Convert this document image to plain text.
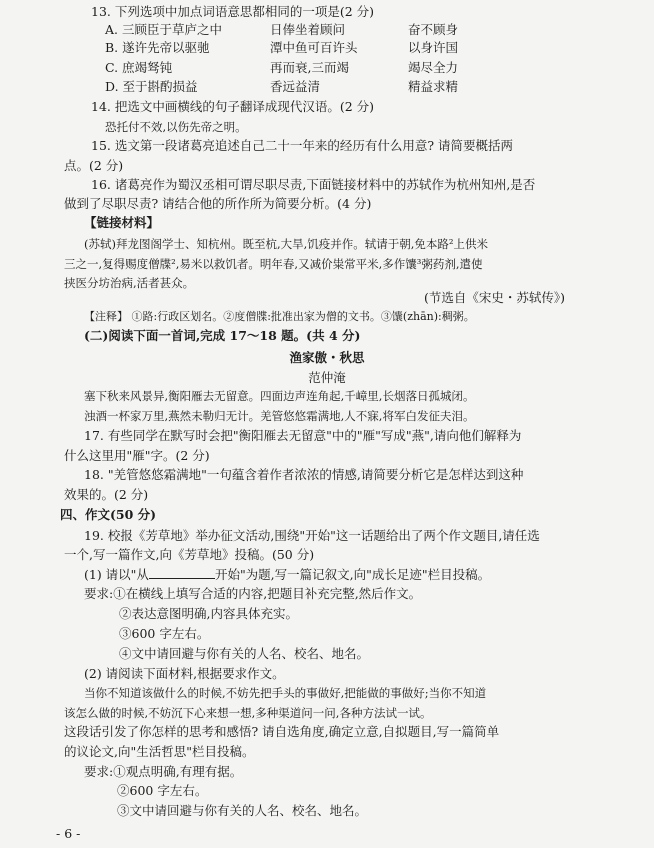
13. 下列选项中加点词语意思都相同的一项是(2 分)
A. 三顾臣于草庐之中	日俸坐着顾问	奋不顾身
B. 遂许先帝以驱驰	潭中鱼可百许头	以身许国
C. 庶竭驽钝	再而衰,三而竭	竭尽全力
D. 至于斟酌损益	香远益清	精益求精
14. 把选文中画横线的句子翻译成现代汉语。(2 分)
恐托付不效,以伤先帝之明。
15. 选文第一段诸葛亮追述自己二十一年来的经历有什么用意? 请简要概括两
点。(2 分)
16. 诸葛亮作为蜀汉丞相可谓尽职尽责,下面链接材料中的苏轼作为杭州知州,是否
做到了尽职尽责? 请结合他的所作所为简要分析。(4 分)
【链接材料】
(苏轼)拜龙图阁学士、知杭州。既至杭,大旱,饥疫并作。轼请于朝,免本路²上供米
三之一,复得赐度僧牒²,易米以救饥者。明年春,又减价粜常平米,多作馕³粥药剂,遣使
挟医分坊治病,活者甚众。
(节选自《宋史・苏轼传》)
【注释】 ①路:行政区划名。②度僧牒:批准出家为僧的文书。③馕(zhān):稠粥。
(二)阅读下面一首词,完成 17～18 题。(共 4 分)
渔家傲・秋思
范仲淹
塞下秋来风景异,衡阳雁去无留意。四面边声连角起,千嶂里,长烟落日孤城闭。
浊酒一杯家万里,燕然未勒归无计。羌管悠悠霜满地,人不寐,将军白发征夫泪。
17. 有些同学在默写时会把"衡阳雁去无留意"中的"雁"写成"燕",请向他们解释为
什么这里用"雁"字。(2 分)
18. "羌管悠悠霜满地"一句蕴含着作者浓浓的情感,请简要分析它是怎样达到这种
效果的。(2 分)
四、作文(50 分)
19. 校报《芳草地》举办征文活动,围绕"开始"这一话题给出了两个作文题目,请任选
一个,写一篇作文,向《芳草地》投稿。(50 分)
(1) 请以"从	开始"为题,写一篇记叙文,向"成长足迹"栏目投稿。
要求:①在横线上填写合适的内容,把题目补充完整,然后作文。
②表达意图明确,内容具体充实。
③600 字左右。
④文中请回避与你有关的人名、校名、地名。
(2) 请阅读下面材料,根据要求作文。
当你不知道该做什么的时候,不妨先把手头的事做好,把能做的事做好;当你不知道
该怎么做的时候,不妨沉下心来想一想,多种渠道问一问,各种方法试一试。
这段话引发了你怎样的思考和感悟? 请自选角度,确定立意,自拟题目,写一篇简单
的议论文,向"生活哲思"栏目投稿。
要求:①观点明确,有理有据。
②600 字左右。
③文中请回避与你有关的人名、校名、地名。
- 6 -
